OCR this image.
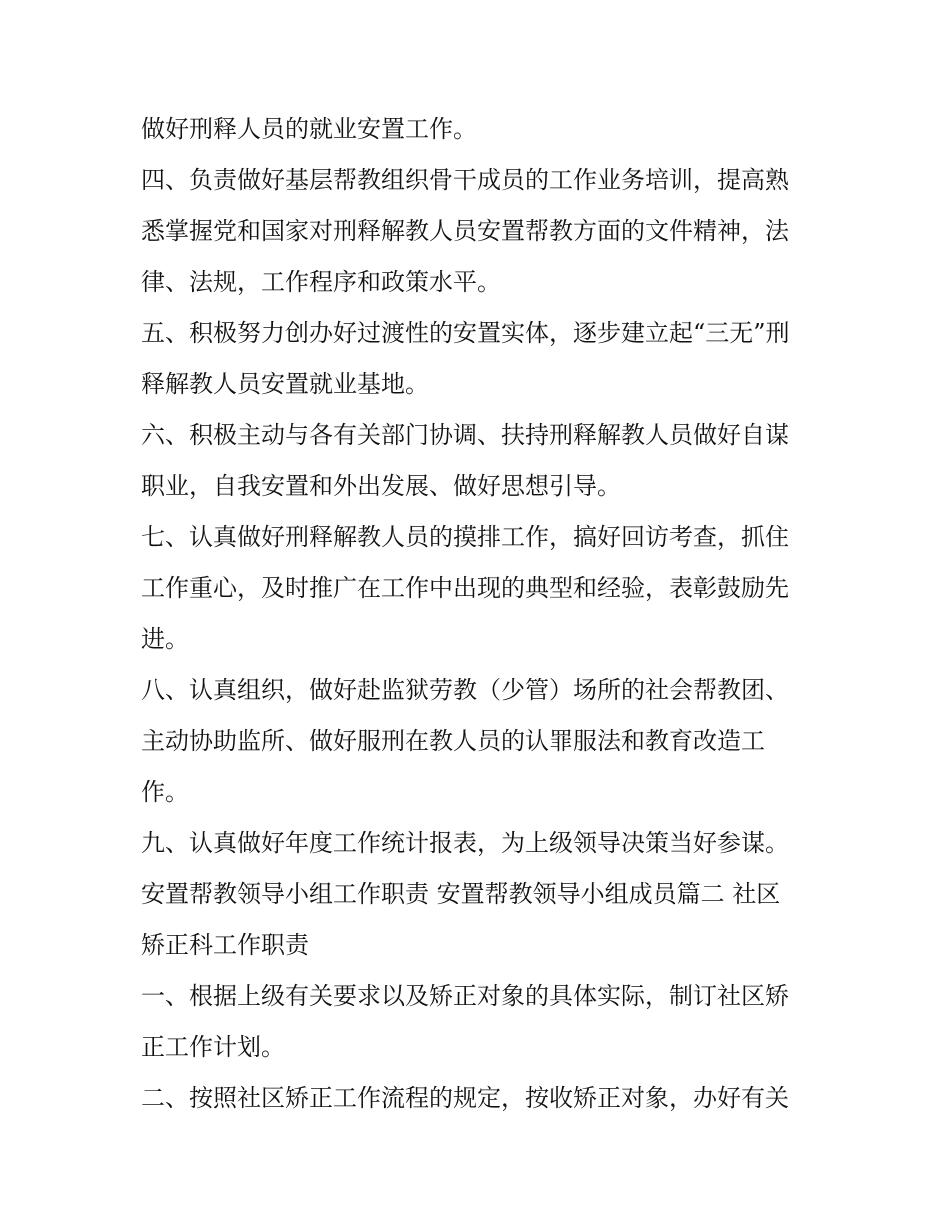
做好刑释人员的就业安置工作。
四、负责做好基层帮教组织骨干成员的工作业务培训，提高熟
悉掌握党和国家对刑释解教人员安置帮教方面的文件精神，法
律、法规，工作程序和政策水平。
五、积极努力创办好过渡性的安置实体，逐步建立起“三无”刑
释解教人员安置就业基地。
六、积极主动与各有关部门协调、扶持刑释解教人员做好自谋
职业，自我安置和外出发展、做好思想引导。
七、认真做好刑释解教人员的摸排工作，搞好回访考查，抓住
工作重心，及时推广在工作中出现的典型和经验，表彰鼓励先
进。
八、认真组织，做好赴监狱劳教（少管）场所的社会帮教团、
主动协助监所、做好服刑在教人员的认罪服法和教育改造工
作。
九、认真做好年度工作统计报表，为上级领导决策当好参谋。
安置帮教领导小组工作职责 安置帮教领导小组成员篇二 社区
矫正科工作职责
一、根据上级有关要求以及矫正对象的具体实际，制订社区矫
正工作计划。
二、按照社区矫正工作流程的规定，按收矫正对象，办好有关
